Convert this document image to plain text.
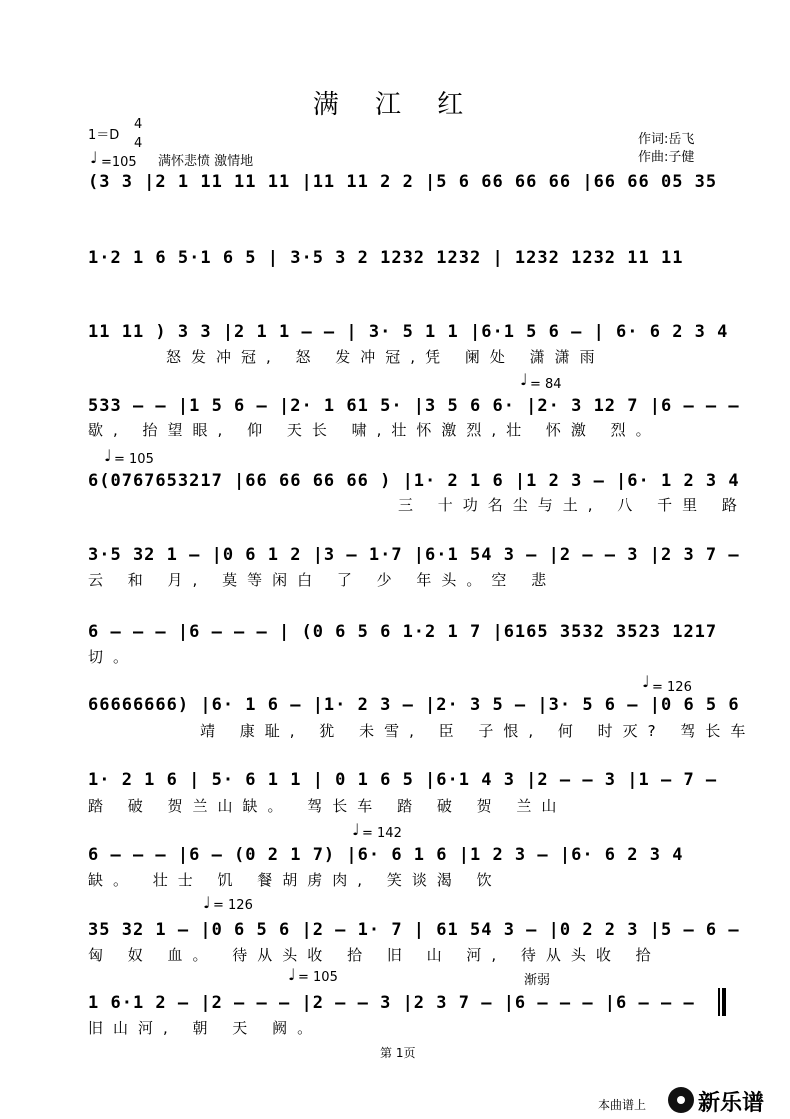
满 江 红
1＝D
4
4
♩ =105 满怀悲愤 激情地
作词:岳飞
作曲:子健
(3 3 |2 1 11 11 11 |11 11 2 2 |5 6 66 66 66 |66 66 05 35
1·2 1 6 5·1 6 5 | 3·5 3 2 1232 1232 | 1232 1232 11 11
11 11 ) 3 3 |2 1 1 – – | 3· 5 1 1 |6·1 5 6 – | 6· 6 2 3 4
怒发冲冠, 怒 发冲冠,凭 阑处 潇潇雨
533 – – |1 5 6 – |2· 1 61 5· |3 5 6 6· |2· 3 12 7 |6 – – –
歇, 抬望眼, 仰 天长 啸,壮怀激烈,壮 怀激 烈。
6(0767653217 |66 66 66 66 ) |1· 2 1 6 |1 2 3 – |6· 1 2 3 4
三 十功名尘与土, 八 千里 路
3·5 32 1 – |0 6 1 2 |3 – 1·7 |6·1 54 3 – |2 – – 3 |2 3 7 –
云 和 月, 莫等闲白 了 少 年头。空 悲
6 – – – |6 – – – | (0 6 5 6 1·2 1 7 |6165 3532 3523 1217
切。
66666666) |6· 1 6 – |1· 2 3 – |2· 3 5 – |3· 5 6 – |0 6 5 6
靖 康耻, 犹 未雪, 臣 子恨, 何 时灭? 驾长车
1· 2 1 6 | 5· 6 1 1 | 0 1 6 5 |6·1 4 3 |2 – – 3 |1 – 7 –
踏 破 贺兰山缺。 驾长车 踏 破 贺 兰山
6 – – – |6 – (0 2 1 7) |6· 6 1 6 |1 2 3 – |6· 6 2 3 4
缺。 壮士 饥 餐胡虏肉, 笑谈渴 饮
35 32 1 – |0 6 5 6 |2 – 1· 7 | 61 54 3 – |0 2 2 3 |5 – 6 –
匈 奴 血。 待从头收 拾 旧 山 河, 待从头收 拾
1 6·1 2 – |2 – – – |2 – – 3 |2 3 7 – |6 – – – |6 – – –
旧山河, 朝 天 阙。
♩ = 84
♩ = 105
♩ = 126
♩ = 142
♩ = 126
♩ = 105	渐弱
第 1页
本曲谱上 新乐谱
